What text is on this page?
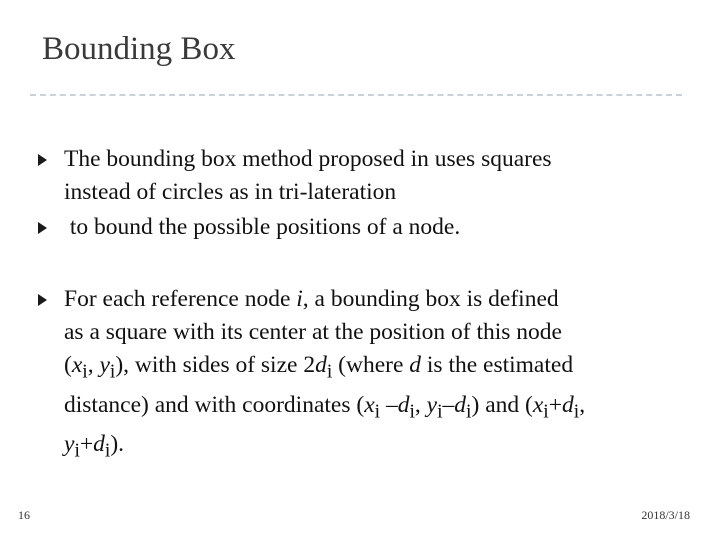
Bounding Box
The bounding box method proposed in uses squares
instead of circles as in tri-lateration
to bound the possible positions of a node.
For each reference node i, a bounding box is defined
as a square with its center at the position of this node
($x_i$, $y_i$), with sides of size $2d_i$ (where d is the estimated
distance) and with coordinates ($x_i$ $-d_i$, $y_i-d_i$) and ($x_i+d_i$,
$y_i+d_i$).
16	2018/3/18
